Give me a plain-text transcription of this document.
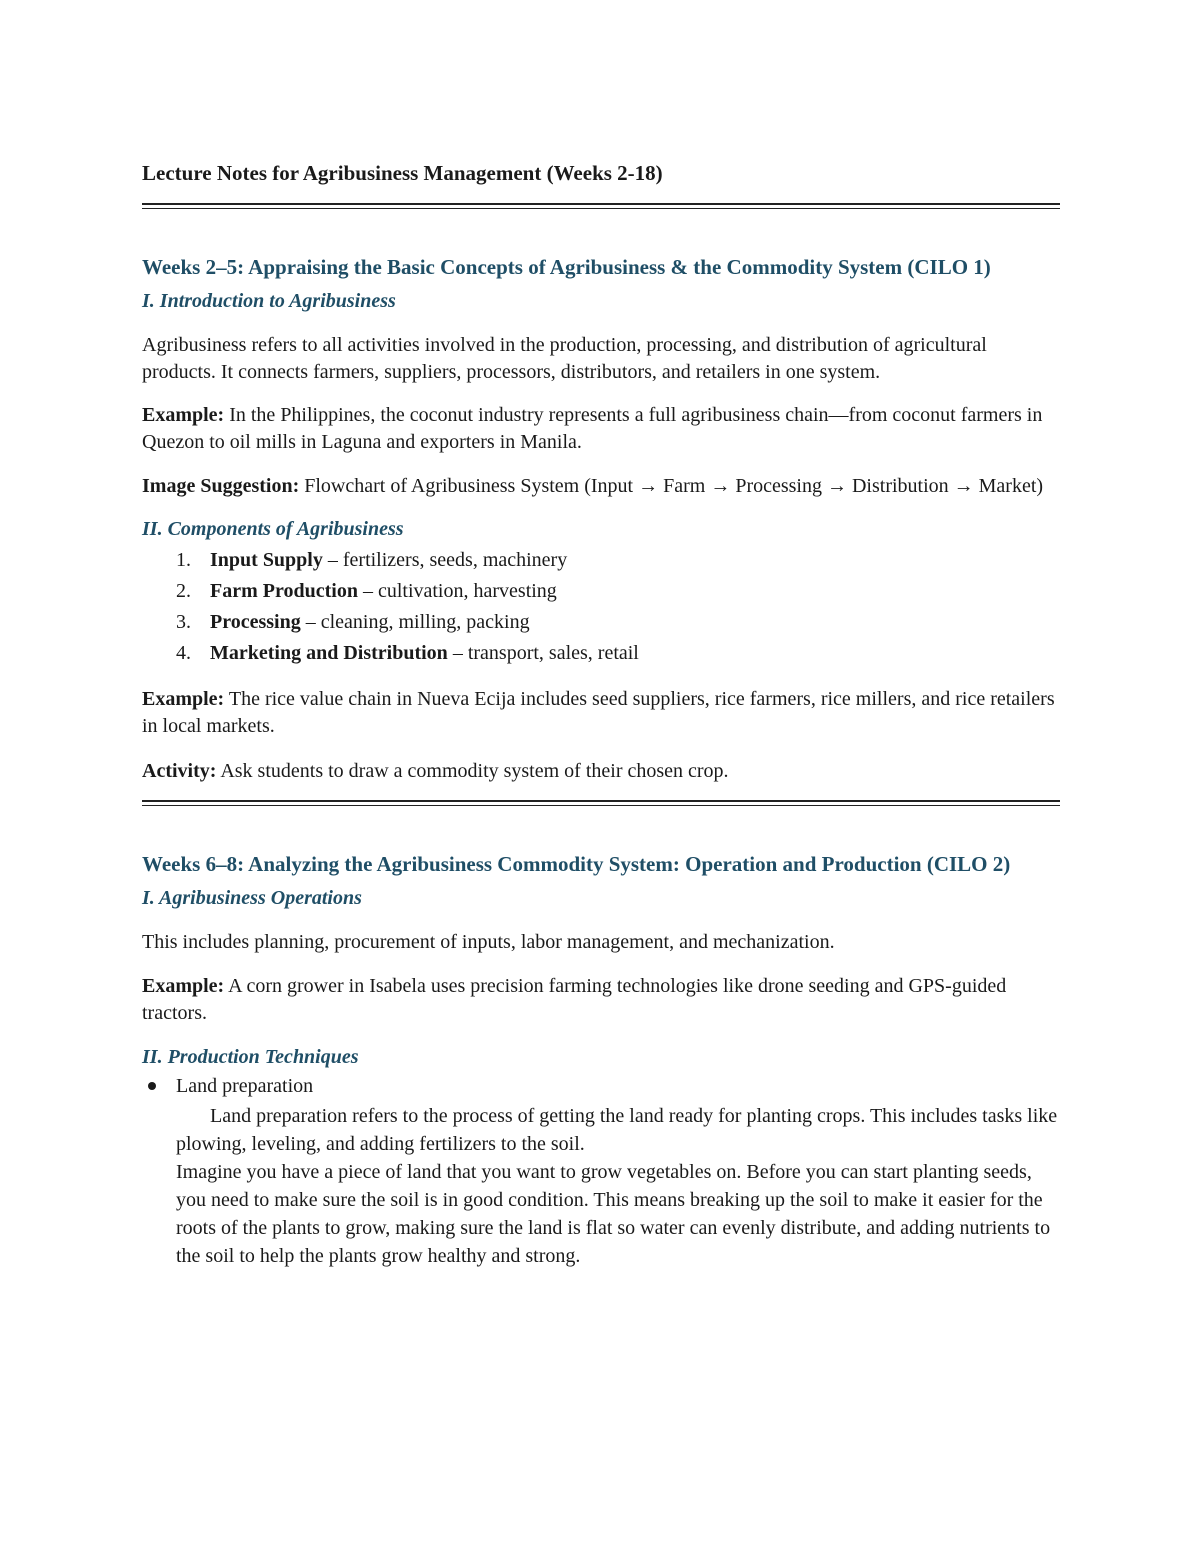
Lecture Notes for Agribusiness Management (Weeks 2-18)
Weeks 2–5: Appraising the Basic Concepts of Agribusiness & the Commodity System (CILO 1)
I. Introduction to Agribusiness

Agribusiness refers to all activities involved in the production, processing, and distribution of agricultural products. It connects farmers, suppliers, processors, distributors, and retailers in one system.

Example: In the Philippines, the coconut industry represents a full agribusiness chain—from coconut farmers in Quezon to oil mills in Laguna and exporters in Manila.

Image Suggestion: Flowchart of Agribusiness System (Input → Farm → Processing → Distribution → Market)

II. Components of Agribusiness
1. Input Supply – fertilizers, seeds, machinery
2. Farm Production – cultivation, harvesting
3. Processing – cleaning, milling, packing
4. Marketing and Distribution – transport, sales, retail

Example: The rice value chain in Nueva Ecija includes seed suppliers, rice farmers, rice millers, and rice retailers in local markets.

Activity: Ask students to draw a commodity system of their chosen crop.

Weeks 6–8: Analyzing the Agribusiness Commodity System: Operation and Production (CILO 2)
I. Agribusiness Operations

This includes planning, procurement of inputs, labor management, and mechanization.

Example: A corn grower in Isabela uses precision farming technologies like drone seeding and GPS-guided tractors.

II. Production Techniques
Land preparation
Land preparation refers to the process of getting the land ready for planting crops. This includes tasks like plowing, leveling, and adding fertilizers to the soil.
Imagine you have a piece of land that you want to grow vegetables on. Before you can start planting seeds, you need to make sure the soil is in good condition. This means breaking up the soil to make it easier for the roots of the plants to grow, making sure the land is flat so water can evenly distribute, and adding nutrients to the soil to help the plants grow healthy and strong.
